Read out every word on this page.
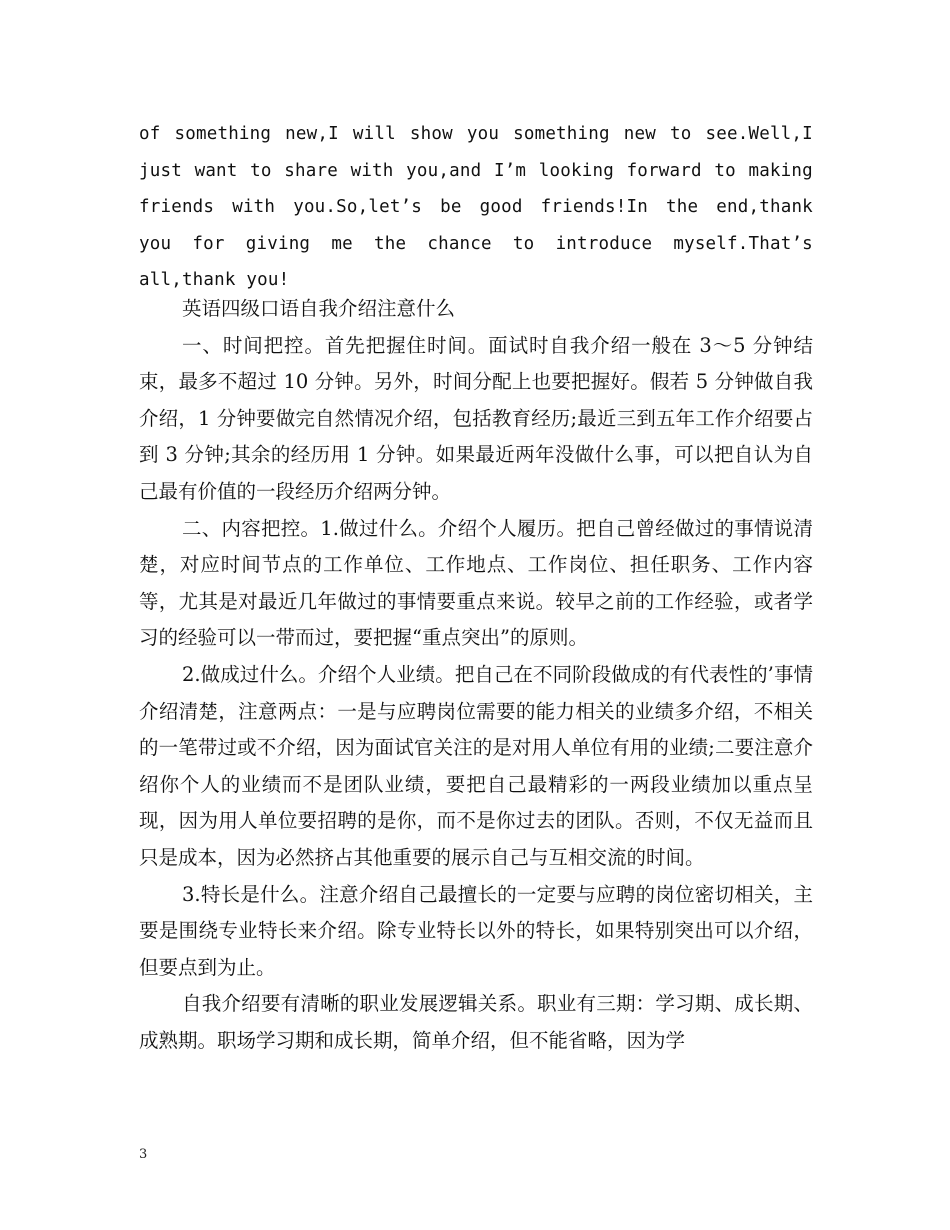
of something new,I will show you something new to see.Well,I
just want to share with you,and I’m looking forward to making
friends with you.So,let’s be good friends!In the end,thank
you for giving me the chance to introduce myself.That’s
all,thank you!

英语四级口语自我介绍注意什么

一、时间把控。首先把握住时间。面试时自我介绍一般在 3～5 分钟结束，最多不超过 10 分钟。另外，时间分配上也要把握好。假若 5 分钟做自我介绍，1 分钟要做完自然情况介绍，包括教育经历;最近三到五年工作介绍要占到 3 分钟;其余的经历用 1 分钟。如果最近两年没做什么事，可以把自认为自己最有价值的一段经历介绍两分钟。

二、内容把控。1.做过什么。介绍个人履历。把自己曾经做过的事情说清楚，对应时间节点的工作单位、工作地点、工作岗位、担任职务、工作内容等，尤其是对最近几年做过的事情要重点来说。较早之前的工作经验，或者学习的经验可以一带而过，要把握“重点突出”的原则。

2.做成过什么。介绍个人业绩。把自己在不同阶段做成的有代表性的’事情介绍清楚，注意两点：一是与应聘岗位需要的能力相关的业绩多介绍，不相关的一笔带过或不介绍，因为面试官关注的是对用人单位有用的业绩;二要注意介绍你个人的业绩而不是团队业绩，要把自己最精彩的一两段业绩加以重点呈现，因为用人单位要招聘的是你，而不是你过去的团队。否则，不仅无益而且只是成本，因为必然挤占其他重要的展示自己与互相交流的时间。

3.特长是什么。注意介绍自己最擅长的一定要与应聘的岗位密切相关，主要是围绕专业特长来介绍。除专业特长以外的特长，如果特别突出可以介绍，但要点到为止。

自我介绍要有清晰的职业发展逻辑关系。职业有三期：学习期、成长期、成熟期。职场学习期和成长期，简单介绍，但不能省略，因为学

3
